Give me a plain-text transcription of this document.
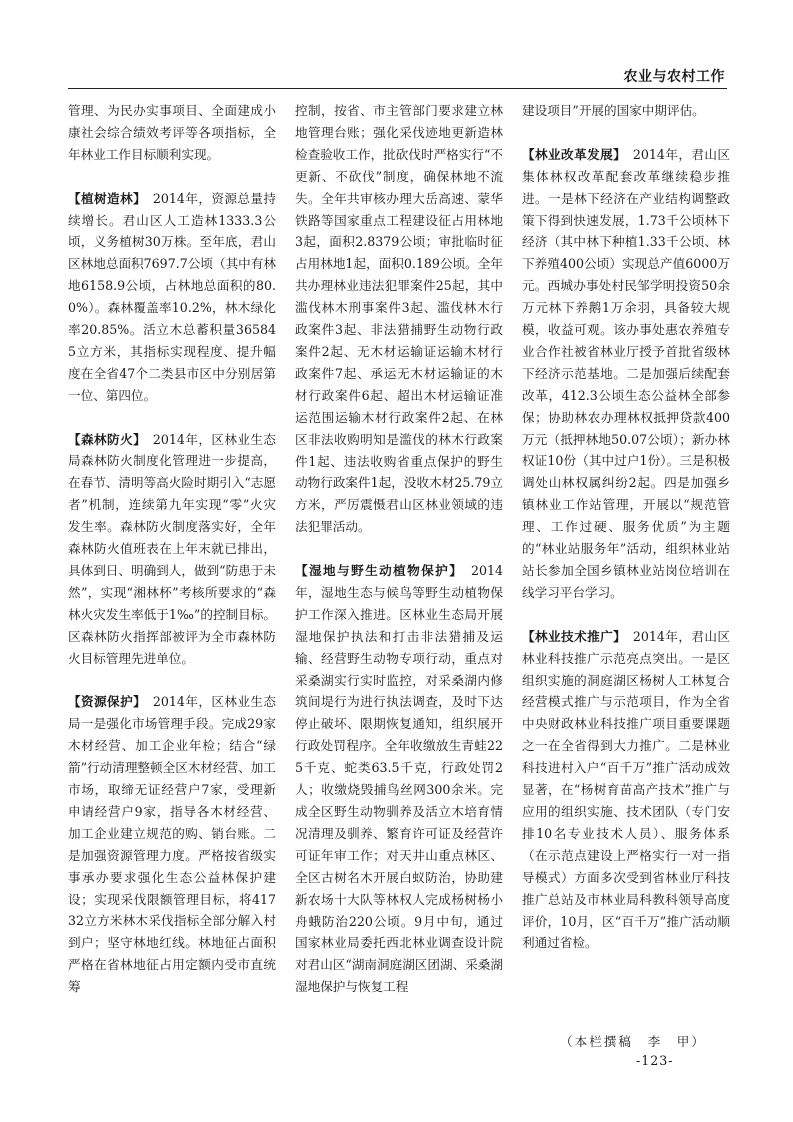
农业与农村工作

管理、为民办实事项目、全面建成小康社会综合绩效考评等各项指标，全年林业工作目标顺利实现。

【植树造林】　 2014年，资源总量持续增长。君山区人工造林1333.3公顷，义务植树30万株。至年底，君山区林地总面积7697.7公顷（其中有林地6158.9公顷，占林地总面积的80.0%）。森林覆盖率10.2%，林木绿化率20.85%。活立木总蓄积量365845立方米，其指标实现程度、提升幅度在全省47个二类县市区中分别居第一位、第四位。

【森林防火】　 2014年，区林业生态局森林防火制度化管理进一步提高，在春节、清明等高火险时期引入“志愿者”机制，连续第九年实现“零”火灾发生率。森林防火制度落实好，全年森林防火值班表在上年末就已排出，具体到日、明确到人，做到“防患于未然”，实现“湘林杯”考核所要求的“森林火灾发生率低于1‰”的控制目标。区森林防火指挥部被评为全市森林防火目标管理先进单位。

【资源保护】　 2014年，区林业生态局一是强化市场管理手段。完成29家木材经营、加工企业年检；结合“绿箭”行动清理整顿全区木材经营、加工市场，取缔无证经营户7家，受理新申请经营户9家，指导各木材经营、加工企业建立规范的购、销台账。二是加强资源管理力度。严格按省级实事承办要求强化生态公益林保护建设；实现采伐限额管理目标，将41732立方米林木采伐指标全部分解入村到户；坚守林地红线。林地征占面积严格在省林地征占用定额内受市直统筹

控制，按省、市主管部门要求建立林地管理台账；强化采伐迹地更新造林检查验收工作，批砍伐时严格实行“不更新、不砍伐”制度，确保林地不流失。全年共审核办理大岳高速、蒙华铁路等国家重点工程建设征占用林地3起，面积2.8379公顷；审批临时征占用林地1起，面积0.189公顷。全年共办理林业违法犯罪案件25起，其中滥伐林木刑事案件3起、滥伐林木行政案件3起、非法猎捕野生动物行政案件2起、无木材运输证运输木材行政案件7起、承运无木材运输证的木材行政案件6起、超出木材运输证准运范围运输木材行政案件2起、在林区非法收购明知是滥伐的林木行政案件1起、违法收购省重点保护的野生动物行政案件1起，没收木材25.79立方米，严厉震慑君山区林业领域的违法犯罪活动。

【湿地与野生动植物保护】　 2014年，湿地生态与候鸟等野生动植物保护工作深入推进。区林业生态局开展湿地保护执法和打击非法猎捕及运输、经营野生动物专项行动，重点对采桑湖实行实时监控，对采桑湖内修筑间堤行为进行执法调查，及时下达停止破坏、限期恢复通知，组织展开行政处罚程序。全年收缴放生青蛙225千克、蛇类63.5千克，行政处罚2人；收缴烧毁捕鸟丝网300余米。完成全区野生动物驯养及活立木培育情况清理及驯养、繁育许可证及经营许可证年审工作；对天井山重点林区、全区古树名木开展白蚁防治，协助建新农场十大队等林权人完成杨树杨小舟蛾防治220公顷。9月中旬，通过国家林业局委托西北林业调查设计院对君山区“湖南洞庭湖区团湖、采桑湖湿地保护与恢复工程

建设项目”开展的国家中期评估。

【林业改革发展】　 2014年，君山区集体林权改革配套改革继续稳步推进。一是林下经济在产业结构调整政策下得到快速发展，1.73千公顷林下经济（其中林下种植1.33千公顷、林下养殖400公顷）实现总产值6000万元。西城办事处村民邹学明投资50余万元林下养鹅1万余羽，具备较大规模，收益可观。该办事处惠农养殖专业合作社被省林业厅授予首批省级林下经济示范基地。二是加强后续配套改革，412.3公顷生态公益林全部参保；协助林农办理林权抵押贷款400万元（抵押林地50.07公顷）；新办林权证10份（其中过户1份）。三是积极调处山林权属纠纷2起。四是加强乡镇林业工作站管理，开展以“规范管理、工作过硬、服务优质”为主题的“林业站服务年”活动，组织林业站站长参加全国乡镇林业站岗位培训在线学习平台学习。

【林业技术推广】　 2014年，君山区林业科技推广示范亮点突出。一是区组织实施的洞庭湖区杨树人工林复合经营模式推广与示范项目，作为全省中央财政林业科技推广项目重要课题之一在全省得到大力推广。二是林业科技进村入户“百千万”推广活动成效显著，在“杨树育苗高产技术”推广与应用的组织实施、技术团队（专门安排10名专业技术人员）、服务体系（在示范点建设上严格实行一对一指导模式）方面多次受到省林业厅科技推广总站及市林业局科教科领导高度评价，10月，区“百千万”推广活动顺利通过省检。

（本栏撰稿　李　甲）
-123-
